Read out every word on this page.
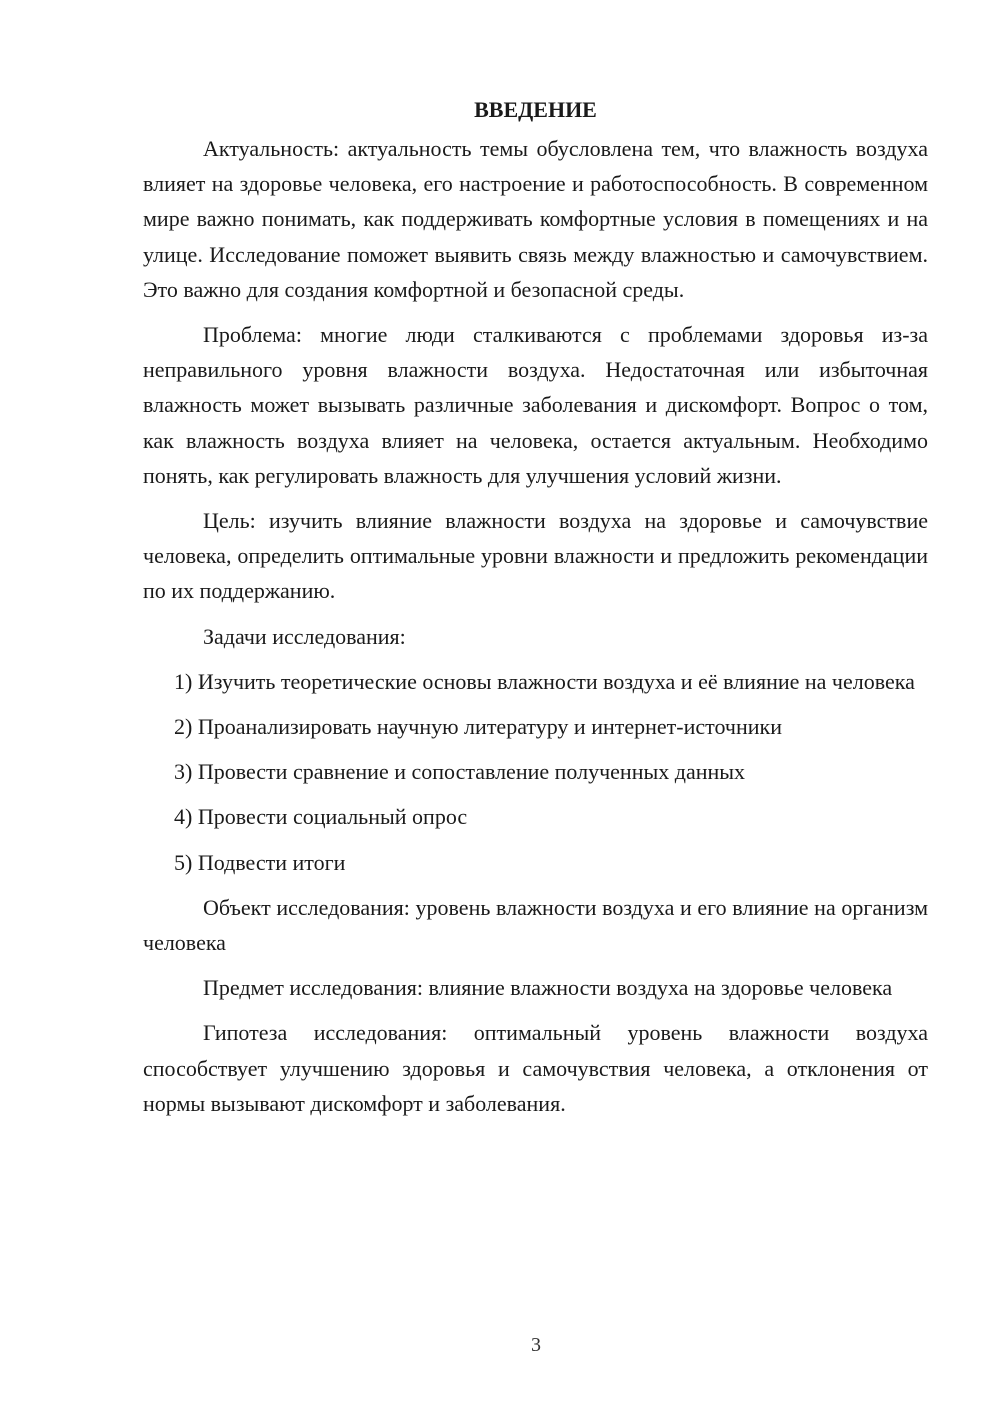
ВВЕДЕНИЕ

Актуальность: актуальность темы обусловлена тем, что влажность воздуха влияет на здоровье человека, его настроение и работоспособность. В современном мире важно понимать, как поддерживать комфортные условия в помещениях и на улице. Исследование поможет выявить связь между влажностью и самочувствием. Это важно для создания комфортной и безопасной среды.

Проблема: многие люди сталкиваются с проблемами здоровья из-за неправильного уровня влажности воздуха. Недостаточная или избыточная влажность может вызывать различные заболевания и дискомфорт. Вопрос о том, как влажность воздуха влияет на человека, остается актуальным. Необходимо понять, как регулировать влажность для улучшения условий жизни.

Цель: изучить влияние влажности воздуха на здоровье и самочувствие человека, определить оптимальные уровни влажности и предложить рекомендации по их поддержанию.

Задачи исследования:

1) Изучить теоретические основы влажности воздуха и её влияние на человека

2) Проанализировать научную литературу и интернет-источники

3) Провести сравнение и сопоставление полученных данных

4) Провести социальный опрос

5) Подвести итоги

Объект исследования: уровень влажности воздуха и его влияние на организм человека

Предмет исследования: влияние влажности воздуха на здоровье человека

Гипотеза исследования: оптимальный уровень влажности воздуха способствует улучшению здоровья и самочувствия человека, а отклонения от нормы вызывают дискомфорт и заболевания.

3
